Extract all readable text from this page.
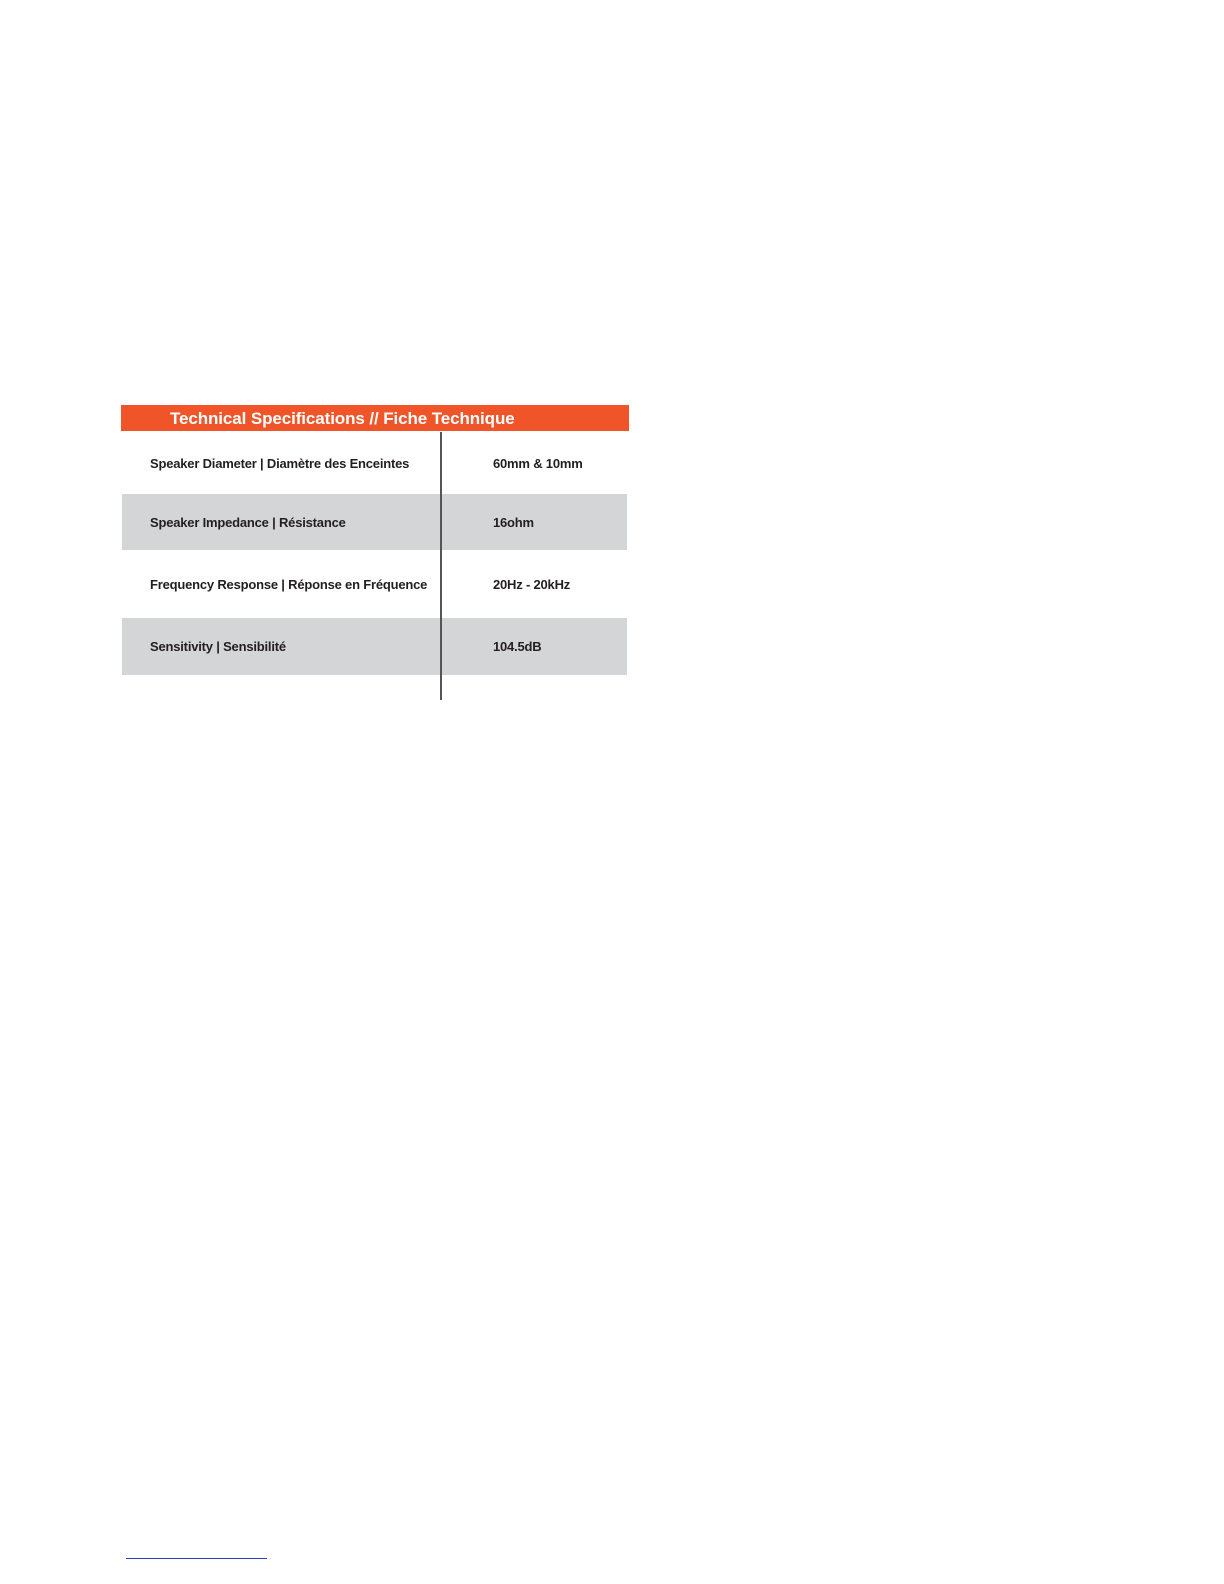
Technical Specifications // Fiche Technique
Speaker Diameter | Diamètre des Enceintes	60mm & 10mm
Speaker Impedance | Résistance	16ohm
Frequency Response | Réponse en Fréquence	20Hz - 20kHz
Sensitivity | Sensibilité	104.5dB
